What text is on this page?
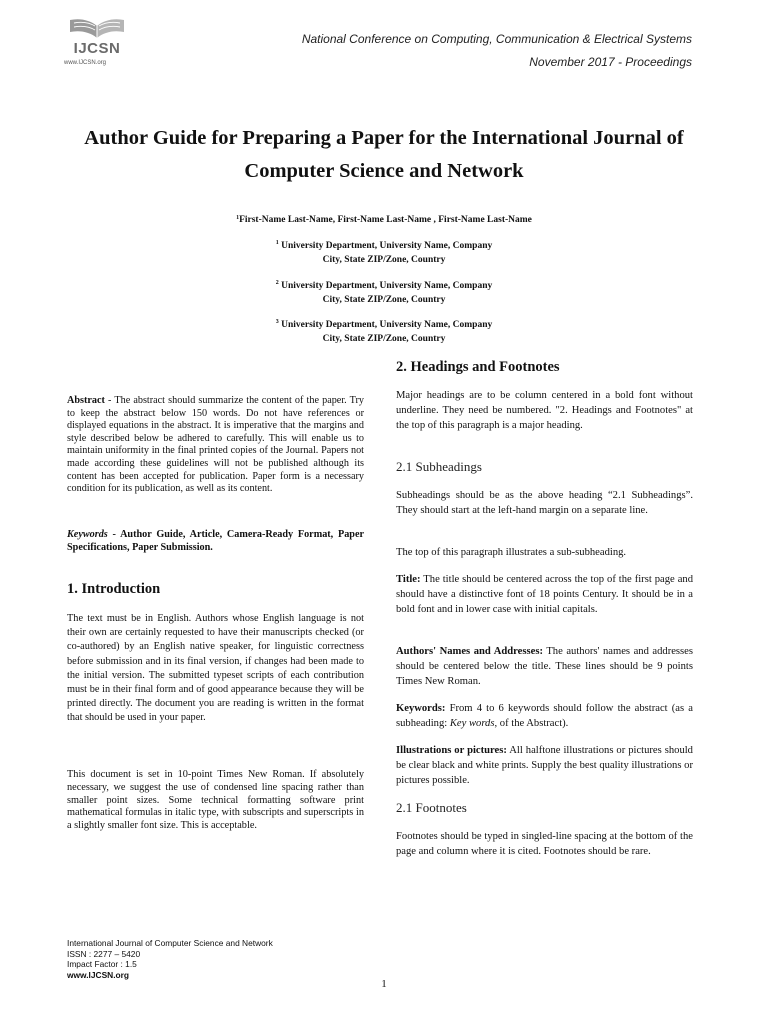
IJCSN
www.IJCSN.org
National Conference on Computing, Communication & Electrical Systems
November 2017 - Proceedings
Author Guide for Preparing a Paper for the International Journal of Computer Science and Network
$^1$First-Name Last-Name, First-Name Last-Name , First-Name Last-Name
$^1$ University Department, University Name, Company
City, State ZIP/Zone, Country
$^2$ University Department, University Name, Company
City, State ZIP/Zone, Country
$^3$ University Department, University Name, Company
City, State ZIP/Zone, Country
Abstract - The abstract should summarize the content of the paper. Try to keep the abstract below 150 words. Do not have references or displayed equations in the abstract. It is imperative that the margins and style described below be adhered to carefully. This will enable us to maintain uniformity in the final printed copies of the Journal. Papers not made according these guidelines will not be published although its content has been accepted for publication. Paper form is a necessary condition for its publication, as well as its content.
Keywords - Author Guide, Article, Camera-Ready Format, Paper Specifications, Paper Submission.
1. Introduction
The text must be in English. Authors whose English language is not their own are certainly requested to have their manuscripts checked (or co-authored) by an English native speaker, for linguistic correctness before submission and in its final version, if changes had been made to the initial version. The submitted typeset scripts of each contribution must be in their final form and of good appearance because they will be printed directly. The document you are reading is written in the format that should be used in your paper.
This document is set in 10-point Times New Roman. If absolutely necessary, we suggest the use of condensed line spacing rather than smaller point sizes. Some technical formatting software print mathematical formulas in italic type, with subscripts and superscripts in a slightly smaller font size. This is acceptable.
2. Headings and Footnotes
Major headings are to be column centered in a bold font without underline. They need be numbered. "2. Headings and Footnotes" at the top of this paragraph is a major heading.
2.1 Subheadings
Subheadings should be as the above heading “2.1 Subheadings”. They should start at the left-hand margin on a separate line.
The top of this paragraph illustrates a sub-subheading.
Title: The title should be centered across the top of the first page and should have a distinctive font of 18 points Century. It should be in a bold font and in lower case with initial capitals.
Authors' Names and Addresses: The authors' names and addresses should be centered below the title. These lines should be 9 points Times New Roman.
Keywords: From 4 to 6 keywords should follow the abstract (as a subheading: Key words, of the Abstract).
Illustrations or pictures: All halftone illustrations or pictures should be clear black and white prints. Supply the best quality illustrations or pictures possible.
2.1 Footnotes
Footnotes should be typed in singled-line spacing at the bottom of the page and column where it is cited. Footnotes should be rare.
International Journal of Computer Science and Network
ISSN : 2277 – 5420
Impact Factor : 1.5
www.IJCSN.org
1
